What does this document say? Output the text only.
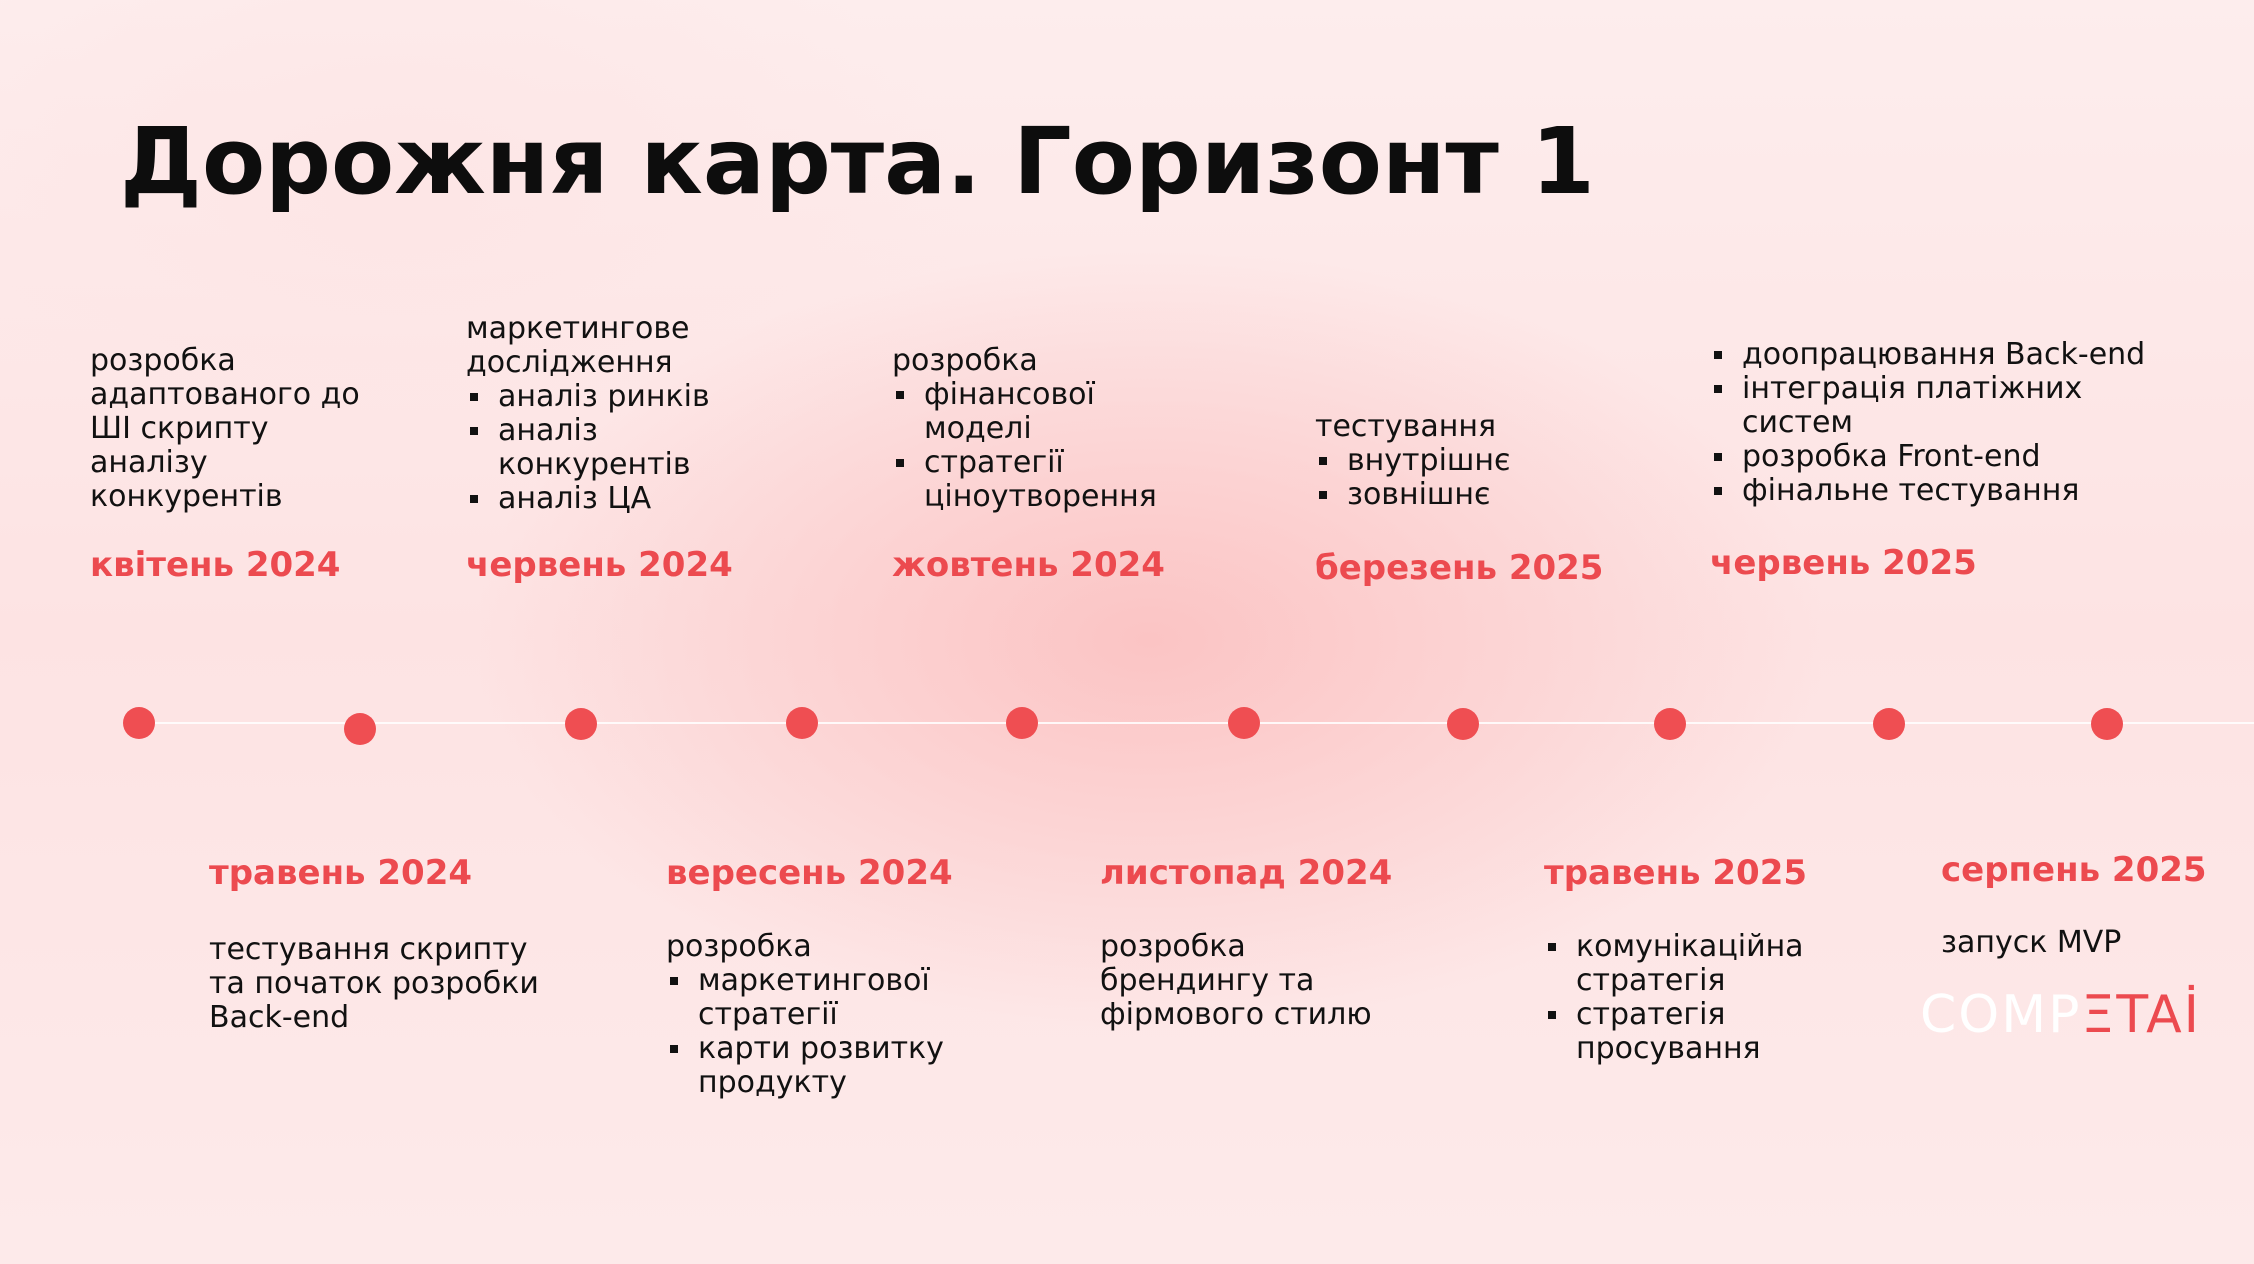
Дорожня карта. Горизонт 1
розробка адаптованого до ШІ скрипту аналізу конкурентів
квітень 2024
травень 2024
тестування скрипту та початок розробки Back-end
маркетингове дослідження
аналіз ринків
аналіз конкурентів
аналіз ЦА
червень 2024
вересень 2024
розробка
маркетингової стратегії
карти розвитку продукту
розробка
фінансової моделі
стратегії ціноутворення
жовтень 2024
листопад 2024
розробка брендингу та фірмового стилю
тестування
внутрішнє
зовнішнє
березень 2025
травень 2025
комунікаційна стратегія
стратегія просування
доопрацювання Back-end
інтеграція платіжних систем
розробка Front-end
фінальне тестування
червень 2025
серпень 2025
запуск MVP
COMPΞTAİ
